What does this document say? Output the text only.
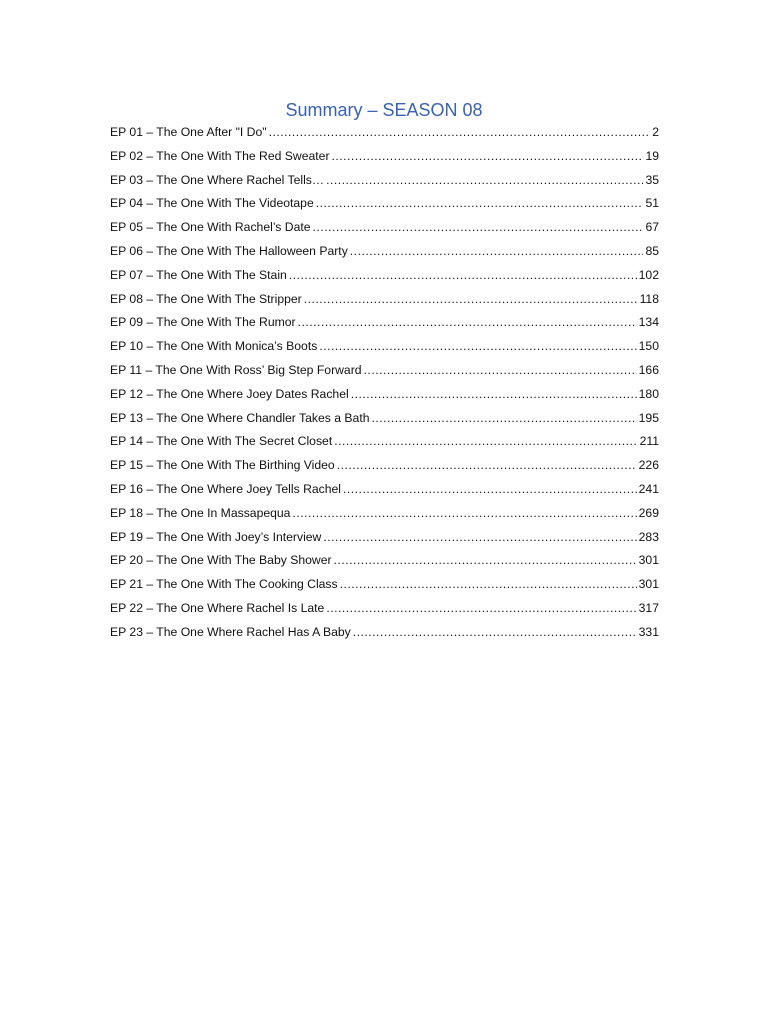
Summary – SEASON 08
EP 01 – The One After "I Do" .....	2
EP 02 – The One With The Red Sweater .....	19
EP 03 – The One Where Rachel Tells… .....	35
EP 04 – The One With The Videotape .....	51
EP 05 – The One With Rachel’s Date .....	67
EP 06 – The One With The Halloween Party .....	85
EP 07 – The One With The Stain .....	102
EP 08 – The One With The Stripper .....	118
EP 09 – The One With The Rumor .....	134
EP 10 – The One With Monica’s Boots .....	150
EP 11 – The One With Ross’ Big Step Forward .....	166
EP 12 – The One Where Joey Dates Rachel .....	180
EP 13 – The One Where Chandler Takes a Bath .....	195
EP 14 – The One With The Secret Closet .....	211
EP 15 – The One With The Birthing Video .....	226
EP 16 – The One Where Joey Tells Rachel .....	241
EP 18 – The One In Massapequa .....	269
EP 19 – The One With Joey’s Interview .....	283
EP 20 – The One With The Baby Shower .....	301
EP 21 – The One With The Cooking Class .....	301
EP 22 – The One Where Rachel Is Late .....	317
EP 23 – The One Where Rachel Has A Baby .....	331
